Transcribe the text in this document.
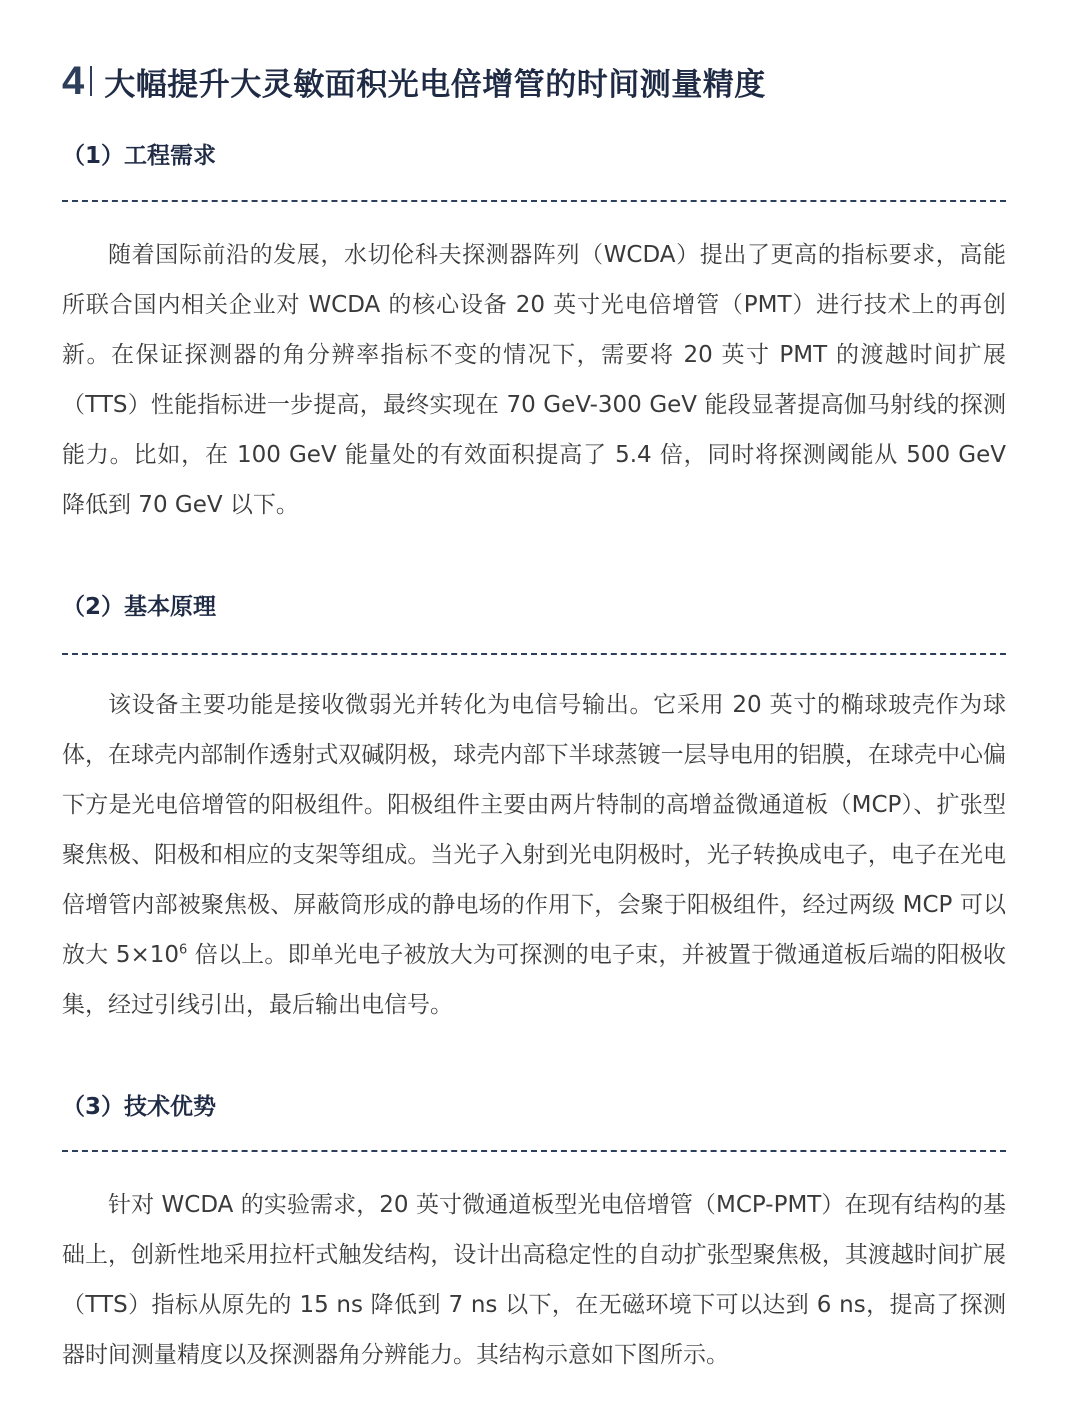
4 大幅提升大灵敏面积光电倍增管的时间测量精度
（1）工程需求

随着国际前沿的发展，水切伦科夫探测器阵列（WCDA）提出了更高的指标要求，高能所联合国内相关企业对 WCDA 的核心设备 20 英寸光电倍增管（PMT）进行技术上的再创新。在保证探测器的角分辨率指标不变的情况下，需要将 20 英寸 PMT 的渡越时间扩展（TTS）性能指标进一步提高，最终实现在 70 GeV-300 GeV 能段显著提高伽马射线的探测能力。比如，在 100 GeV 能量处的有效面积提高了 5.4 倍，同时将探测阈能从 500 GeV 降低到 70 GeV 以下。

（2）基本原理

该设备主要功能是接收微弱光并转化为电信号输出。它采用 20 英寸的椭球玻壳作为球体，在球壳内部制作透射式双碱阴极，球壳内部下半球蒸镀一层导电用的铝膜，在球壳中心偏下方是光电倍增管的阳极组件。阳极组件主要由两片特制的高增益微通道板（MCP）、扩张型聚焦极、阳极和相应的支架等组成。当光子入射到光电阴极时，光子转换成电子，电子在光电倍增管内部被聚焦极、屏蔽筒形成的静电场的作用下，会聚于阳极组件，经过两级 MCP 可以放大 $5\times 10^6$ 倍以上。即单光电子被放大为可探测的电子束，并被置于微通道板后端的阳极收集，经过引线引出，最后输出电信号。

（3）技术优势

针对 WCDA 的实验需求，20 英寸微通道板型光电倍增管（MCP-PMT）在现有结构的基础上，创新性地采用拉杆式触发结构，设计出高稳定性的自动扩张型聚焦极，其渡越时间扩展（TTS）指标从原先的 15 ns 降低到 7 ns 以下，在无磁环境下可以达到 6 ns，提高了探测器时间测量精度以及探测器角分辨能力。其结构示意如下图所示。
